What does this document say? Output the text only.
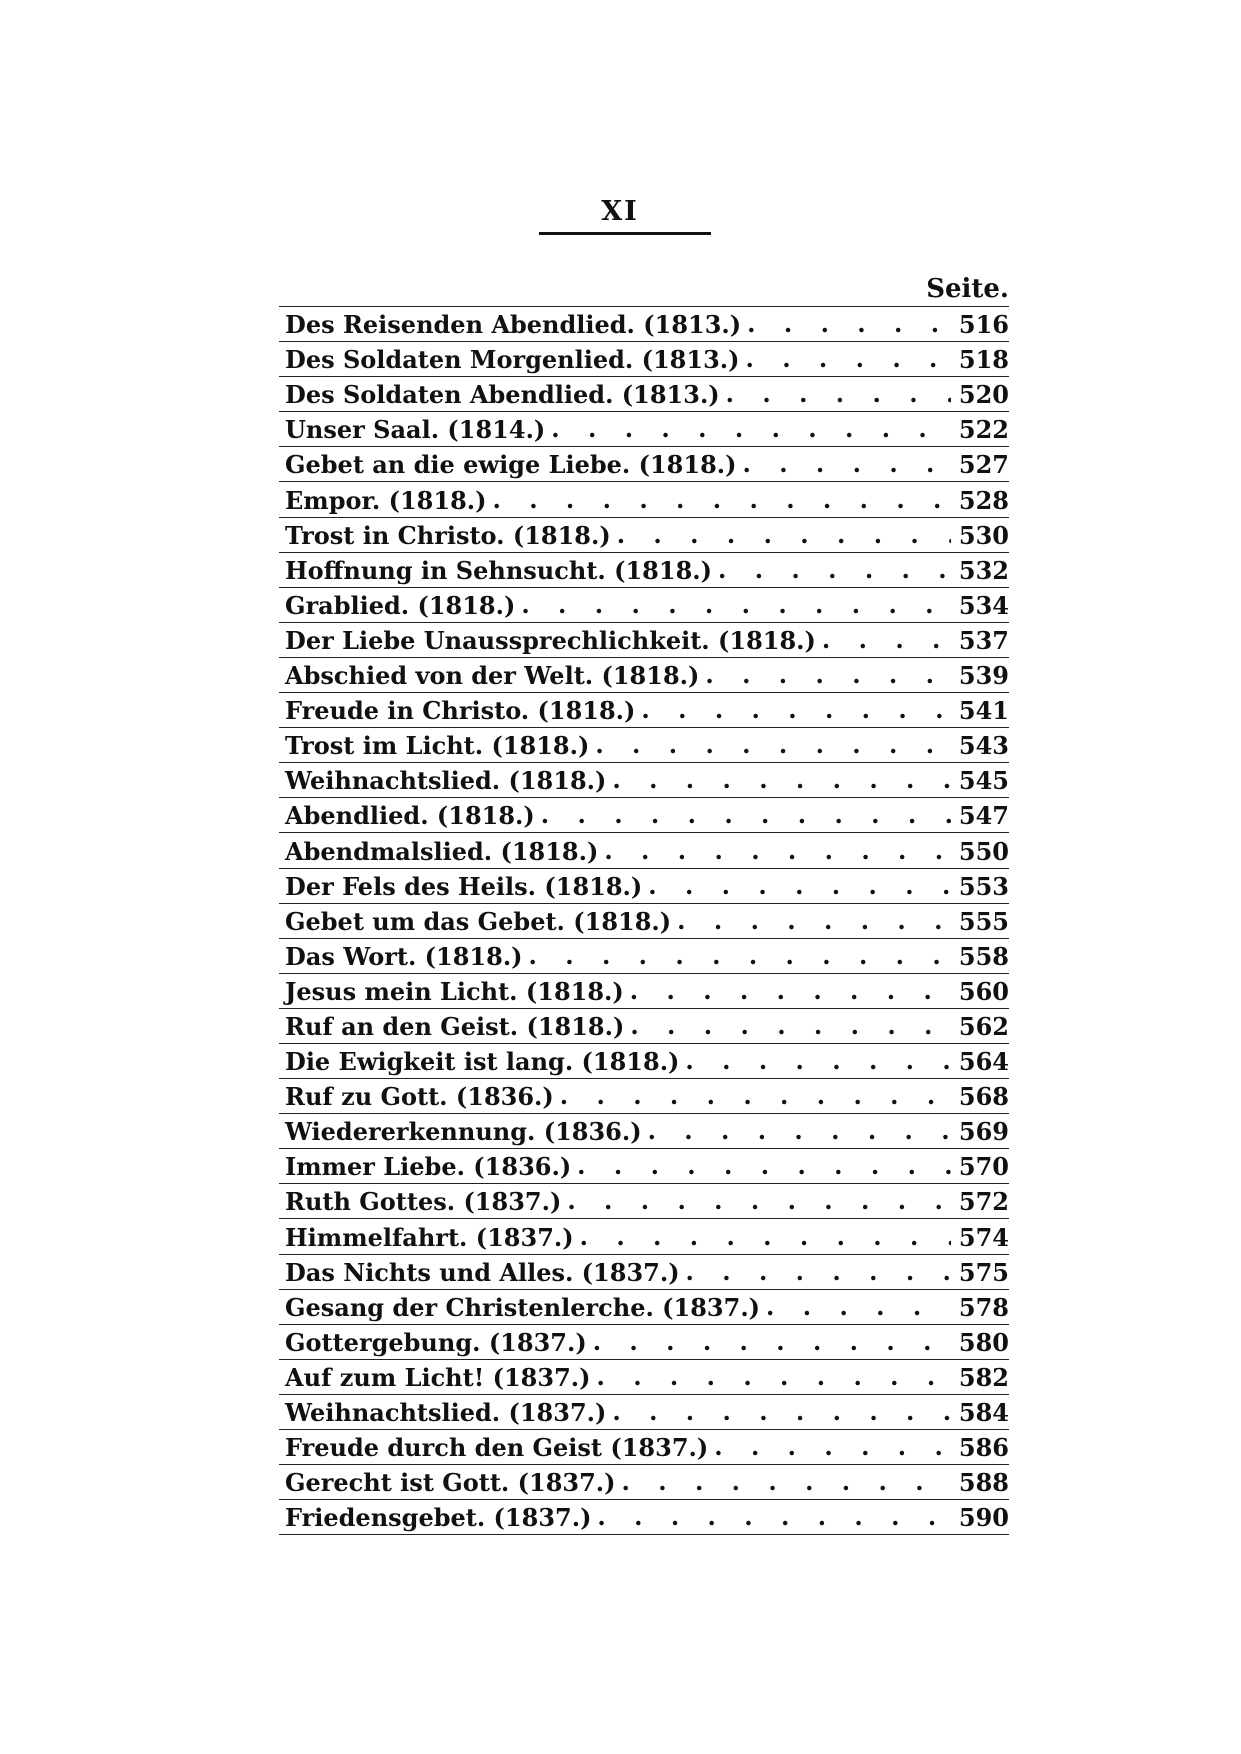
XI
Seite.
Des Reisenden Abendlied. (1813.) . . .	516
Des Soldaten Morgenlied. (1813.) . . .	518
Des Soldaten Abendlied. (1813.) . . .	520
Unser Saal. (1814.) . . .	522
Gebet an die ewige Liebe. (1818.) . . .	527
Empor. (1818.) . . .	528
Trost in Christo. (1818.) . . .	530
Hoffnung in Sehnsucht. (1818.) . . .	532
Grablied. (1818.) . . .	534
Der Liebe Unaussprechlichkeit. (1818.) . . .	537
Abschied von der Welt. (1818.) . . .	539
Freude in Christo. (1818.) . . .	541
Trost im Licht. (1818.) . . .	543
Weihnachtslied. (1818.) . . .	545
Abendlied. (1818.) . . .	547
Abendmalslied. (1818.) . . .	550
Der Fels des Heils. (1818.) . . .	553
Gebet um das Gebet. (1818.) . . .	555
Das Wort. (1818.) . . .	558
Jesus mein Licht. (1818.) . . .	560
Ruf an den Geist. (1818.) . . .	562
Die Ewigkeit ist lang. (1818.) . . .	564
Ruf zu Gott. (1836.) . . .	568
Wiedererkennung. (1836.) . . .	569
Immer Liebe. (1836.) . . .	570
Ruth Gottes. (1837.) . . .	572
Himmelfahrt. (1837.) . . .	574
Das Nichts und Alles. (1837.) . . .	575
Gesang der Christenlerche. (1837.) . . .	578
Gottergebung. (1837.) . . .	580
Auf zum Licht! (1837.) . . .	582
Weihnachtslied. (1837.) . . .	584
Freude durch den Geist (1837.) . . .	586
Gerecht ist Gott. (1837.) . . .	588
Friedensgebet. (1837.) . . .	590
